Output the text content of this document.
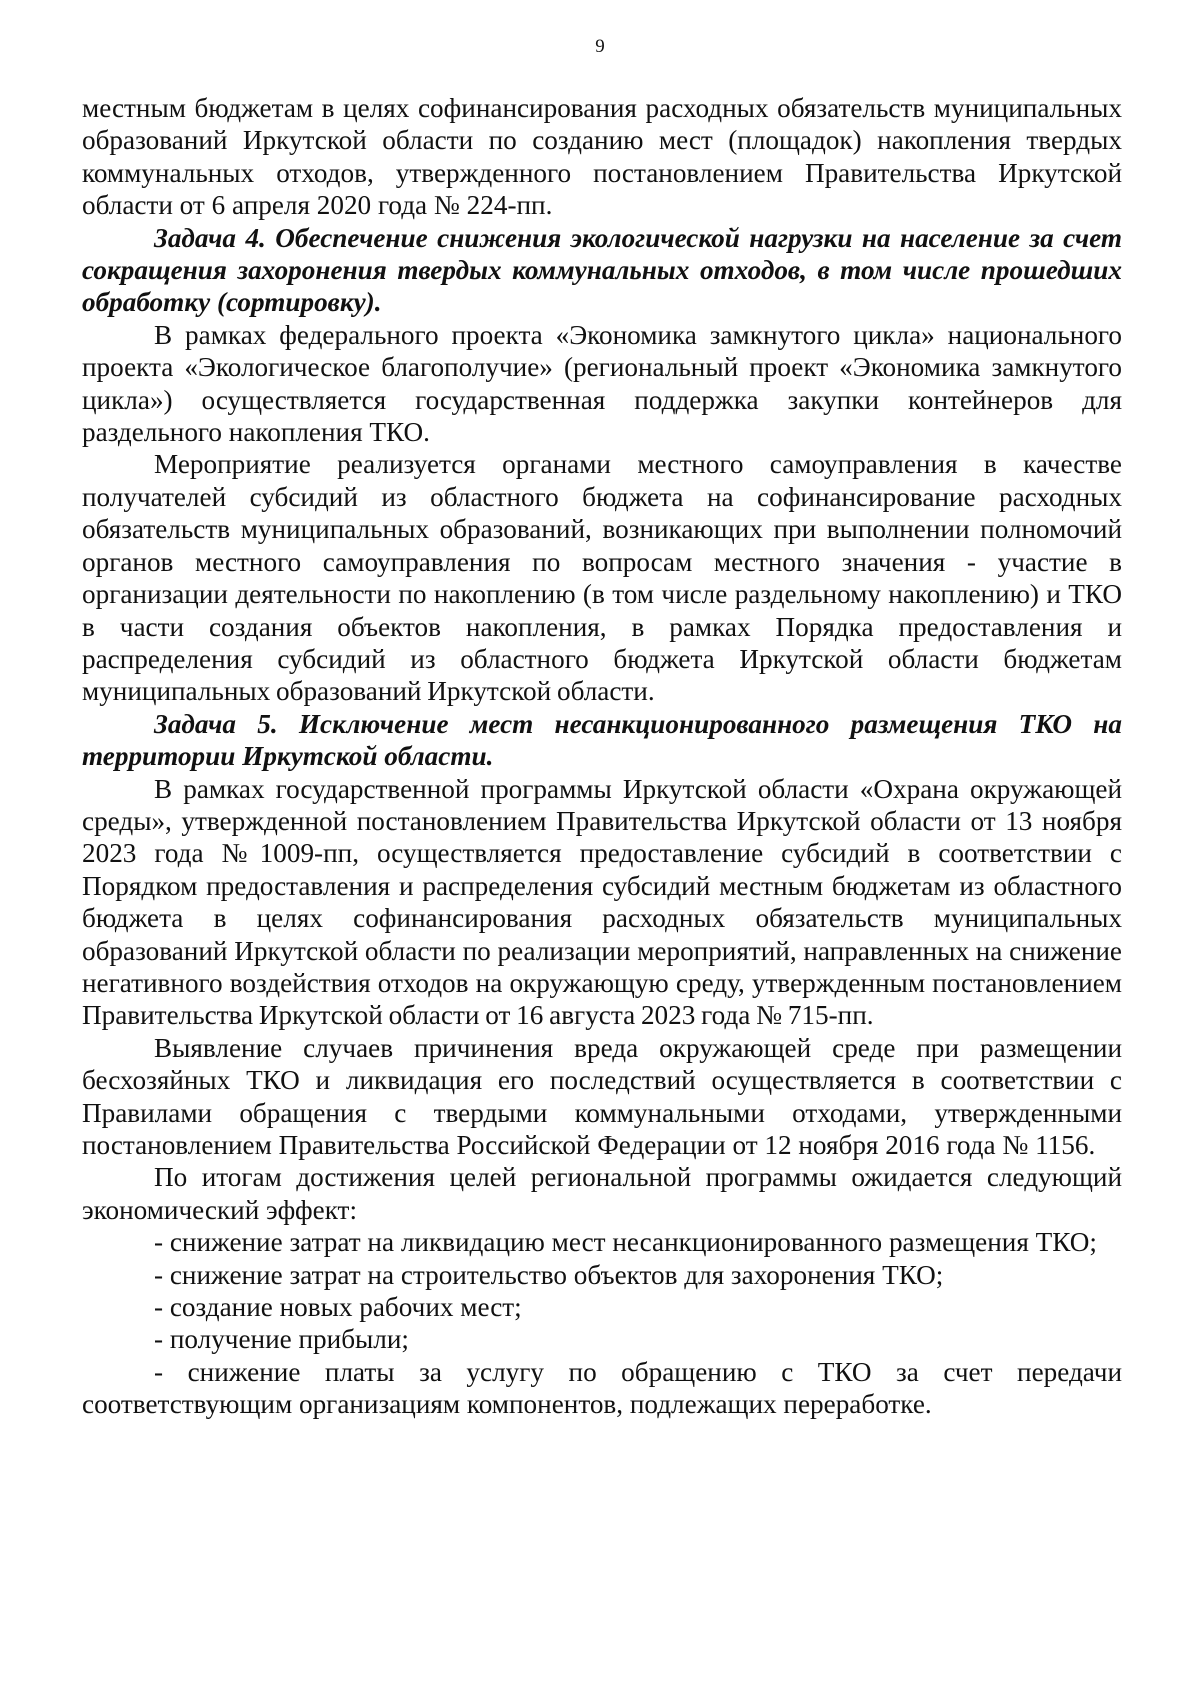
9

местным бюджетам в целях софинансирования расходных обязательств муниципальных образований Иркутской области по созданию мест (площадок) накопления твердых коммунальных отходов, утвержденного постановлением Правительства Иркутской области от 6 апреля 2020 года № 224-пп.

Задача 4. Обеспечение снижения экологической нагрузки на население за счет сокращения захоронения твердых коммунальных отходов, в том числе прошедших обработку (сортировку).

В рамках федерального проекта «Экономика замкнутого цикла» национального проекта «Экологическое благополучие» (региональный проект «Экономика замкнутого цикла») осуществляется государственная поддержка закупки контейнеров для раздельного накопления ТКО.

Мероприятие реализуется органами местного самоуправления в качестве получателей субсидий из областного бюджета на софинансирование расходных обязательств муниципальных образований, возникающих при выполнении полномочий органов местного самоуправления по вопросам местного значения - участие в организации деятельности по накоплению (в том числе раздельному накоплению) и ТКО в части создания объектов накопления, в рамках Порядка предоставления и распределения субсидий из областного бюджета Иркутской области бюджетам муниципальных образований Иркутской области.

Задача 5. Исключение мест несанкционированного размещения ТКО на территории Иркутской области.

В рамках государственной программы Иркутской области «Охрана окружающей среды», утвержденной постановлением Правительства Иркутской области от 13 ноября 2023 года №1009-пп, осуществляется предоставление субсидий в соответствии с Порядком предоставления и распределения субсидий местным бюджетам из областного бюджета в целях софинансирования расходных обязательств муниципальных образований Иркутской области по реализации мероприятий, направленных на снижение негативного воздействия отходов на окружающую среду, утвержденным постановлением Правительства Иркутской области от 16 августа 2023 года № 715-пп.

Выявление случаев причинения вреда окружающей среде при размещении бесхозяйных ТКО и ликвидация его последствий осуществляется в соответствии с Правилами обращения с твердыми коммунальными отходами, утвержденными постановлением Правительства Российской Федерации от 12 ноября 2016 года № 1156.

По итогам достижения целей региональной программы ожидается следующий экономический эффект:

- снижение затрат на ликвидацию мест несанкционированного размещения ТКО;

- снижение затрат на строительство объектов для захоронения ТКО;

- создание новых рабочих мест;

- получение прибыли;

- снижение платы за услугу по обращению с ТКО за счет передачи соответствующим организациям компонентов, подлежащих переработке.
